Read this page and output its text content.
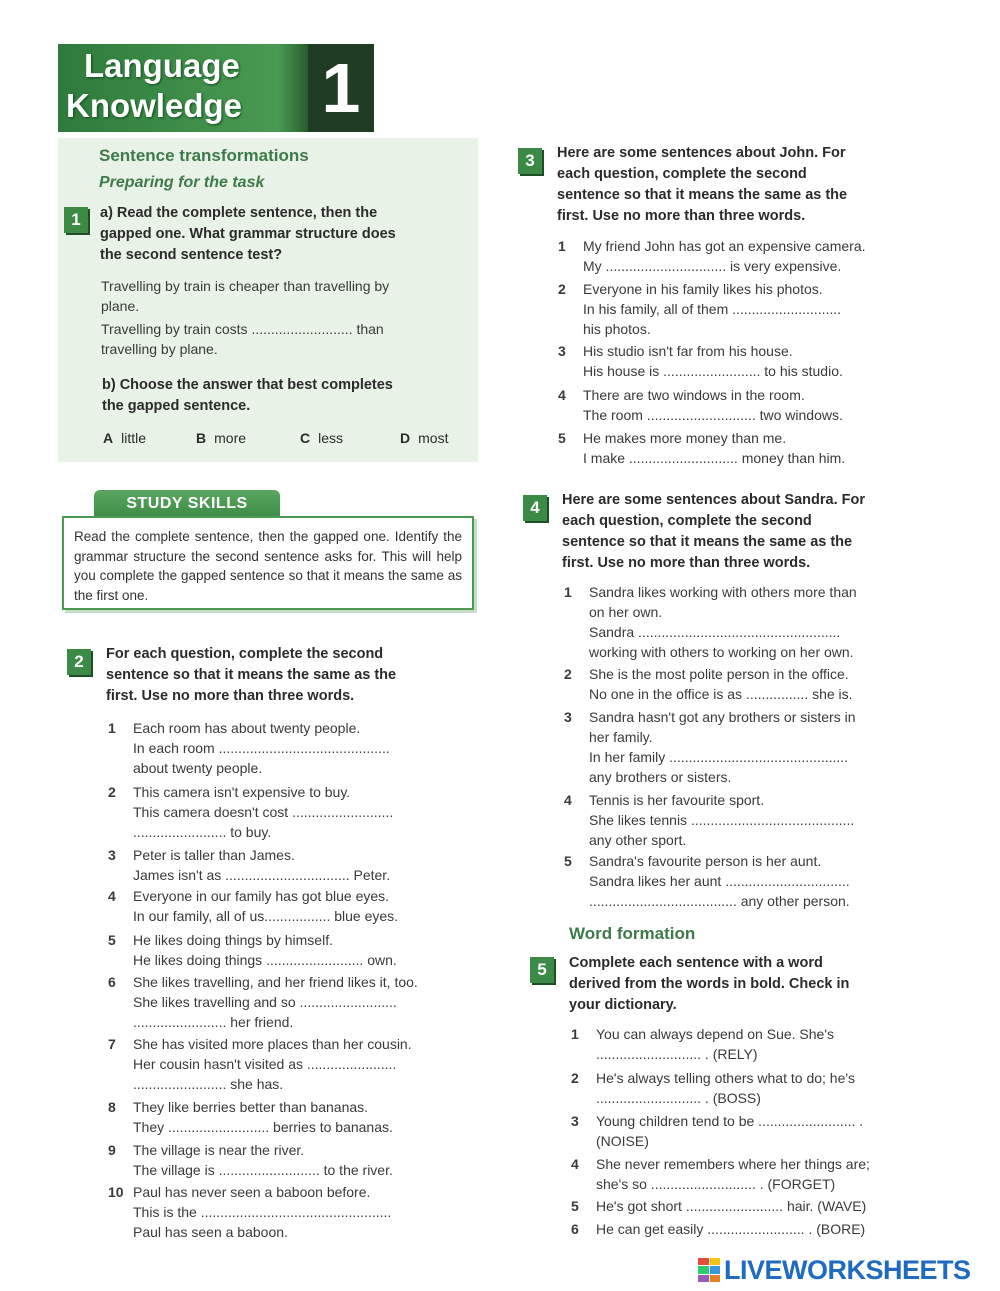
Language
Knowledge	1
Sentence transformations
Preparing for the task
1	a) Read the complete sentence, then the
gapped one. What grammar structure does
the second sentence test?
Travelling by train is cheaper than travelling by
plane.
Travelling by train costs .......................... than
travelling by plane.
b) Choose the answer that best completes
the gapped sentence.
A little	B more	C less	D most
STUDY SKILLS
Read the complete sentence, then the gapped one. Identify the grammar structure the second sentence asks for. This will help you complete the gapped sentence so that it means the same as the first one.
2	For each question, complete the second
sentence so that it means the same as the
first. Use no more than three words.
1 Each room has about twenty people.
In each room ............................................
about twenty people.
2 This camera isn't expensive to buy.
This camera doesn't cost ..........................
........................ to buy.
3 Peter is taller than James.
James isn't as ................................ Peter.
4 Everyone in our family has got blue eyes.
In our family, all of us................. blue eyes.
5 He likes doing things by himself.
He likes doing things ......................... own.
6 She likes travelling, and her friend likes it, too.
She likes travelling and so .........................
........................ her friend.
7 She has visited more places than her cousin.
Her cousin hasn't visited as .......................
........................ she has.
8 They like berries better than bananas.
They .......................... berries to bananas.
9 The village is near the river.
The village is .......................... to the river.
10 Paul has never seen a baboon before.
This is the .................................................
Paul has seen a baboon.
3	Here are some sentences about John. For
each question, complete the second
sentence so that it means the same as the
first. Use no more than three words.
1 My friend John has got an expensive camera.
My ............................... is very expensive.
2 Everyone in his family likes his photos.
In his family, all of them ............................
his photos.
3 His studio isn't far from his house.
His house is ......................... to his studio.
4 There are two windows in the room.
The room ............................ two windows.
5 He makes more money than me.
I make ............................ money than him.
4	Here are some sentences about Sandra. For
each question, complete the second
sentence so that it means the same as the
first. Use no more than three words.
1 Sandra likes working with others more than
on her own.
Sandra ....................................................
working with others to working on her own.
2 She is the most polite person in the office.
No one in the office is as ................ she is.
3 Sandra hasn't got any brothers or sisters in
her family.
In her family ..............................................
any brothers or sisters.
4 Tennis is her favourite sport.
She likes tennis ..........................................
any other sport.
5 Sandra's favourite person is her aunt.
Sandra likes her aunt ................................
...................................... any other person.
Word formation
5	Complete each sentence with a word
derived from the words in bold. Check in
your dictionary.
1 You can always depend on Sue. She's
........................... . (RELY)
2 He's always telling others what to do; he's
........................... . (BOSS)
3 Young children tend to be ......................... .
(NOISE)
4 She never remembers where her things are;
she's so ........................... . (FORGET)
5 He's got short ......................... hair. (WAVE)
6 He can get easily ......................... . (BORE)
LIVEWORKSHEETS
